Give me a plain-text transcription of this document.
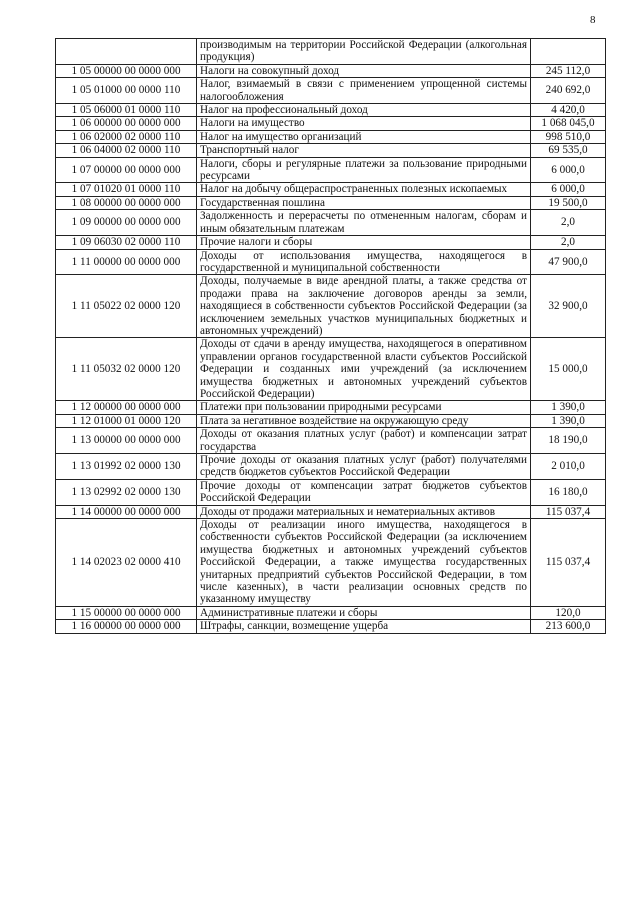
8
	производимым на территории Российской Федерации (алкогольная продукция)	
1 05 00000 00 0000 000	Налоги на совокупный доход	245 112,0
1 05 01000 00 0000 110	Налог, взимаемый в связи с применением упрощенной системы налогообложения	240 692,0
1 05 06000 01 0000 110	Налог на профессиональный доход	4 420,0
1 06 00000 00 0000 000	Налоги на имущество	1 068 045,0
1 06 02000 02 0000 110	Налог на имущество организаций	998 510,0
1 06 04000 02 0000 110	Транспортный налог	69 535,0
1 07 00000 00 0000 000	Налоги, сборы и регулярные платежи за пользование природными ресурсами	6 000,0
1 07 01020 01 0000 110	Налог на добычу общераспространенных полезных ископаемых	6 000,0
1 08 00000 00 0000 000	Государственная пошлина	19 500,0
1 09 00000 00 0000 000	Задолженность и перерасчеты по отмененным налогам, сборам и иным обязательным платежам	2,0
1 09 06030 02 0000 110	Прочие налоги и сборы	2,0
1 11 00000 00 0000 000	Доходы от использования имущества, находящегося в государственной и муниципальной собственности	47 900,0
1 11 05022 02 0000 120	Доходы, получаемые в виде арендной платы, а также средства от продажи права на заключение договоров аренды за земли, находящиеся в собственности субъектов Российской Федерации (за исключением земельных участков муниципальных бюджетных и автономных учреждений)	32 900,0
1 11 05032 02 0000 120	Доходы от сдачи в аренду имущества, находящегося в оперативном управлении органов государственной власти субъектов Российской Федерации и созданных ими учреждений (за исключением имущества бюджетных и автономных учреждений субъектов Российской Федерации)	15 000,0
1 12 00000 00 0000 000	Платежи при пользовании природными ресурсами	1 390,0
1 12 01000 01 0000 120	Плата за негативное воздействие на окружающую среду	1 390,0
1 13 00000 00 0000 000	Доходы от оказания платных услуг (работ) и компенсации затрат государства	18 190,0
1 13 01992 02 0000 130	Прочие доходы от оказания платных услуг (работ) получателями средств бюджетов субъектов Российской Федерации	2 010,0
1 13 02992 02 0000 130	Прочие доходы от компенсации затрат бюджетов субъектов Российской Федерации	16 180,0
1 14 00000 00 0000 000	Доходы от продажи материальных и нематериальных активов	115 037,4
1 14 02023 02 0000 410	Доходы от реализации иного имущества, находящегося в собственности субъектов Российской Федерации (за исключением имущества бюджетных и автономных учреждений субъектов Российской Федерации, а также имущества государственных унитарных предприятий субъектов Российской Федерации, в том числе казенных), в части реализации основных средств по указанному имуществу	115 037,4
1 15 00000 00 0000 000	Административные платежи и сборы	120,0
1 16 00000 00 0000 000	Штрафы, санкции, возмещение ущерба	213 600,0
